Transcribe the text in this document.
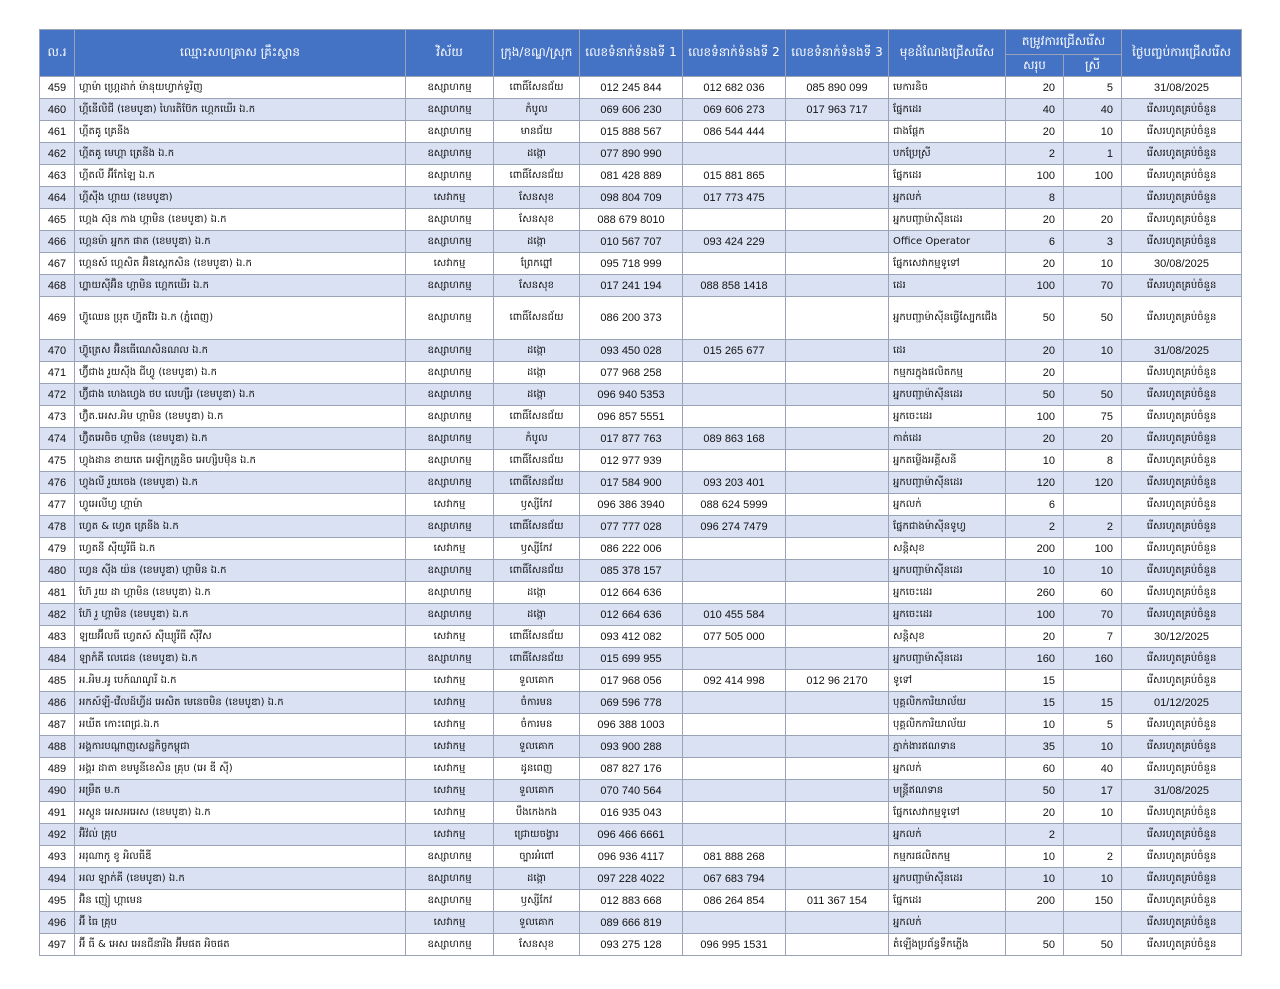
ល.រ	ឈ្មោះសហគ្រាស គ្រឹះស្ថាន	វិស័យ	ក្រុង/ខណ្ឌ/ស្រុក	លេខទំនាក់ទំនងទី 1	លេខទំនាក់ទំនងទី 2	លេខទំនាក់ទំនងទី 3	មុខដំណែងជ្រើសរើស	តម្រូវការជ្រើសរើស		ថ្ងៃបញ្ចប់ការជ្រើសរើស
								សរុប	ស្រី	
459	ហ្គាម៉ា ហ្គ្រេដាក់ ម៉ានុយហ្វាក់ទួរិញ	ឧស្សាហកម្ម	ពោធិ៍សែនជ័យ	012 245 844	012 682 036	085 890 099	មេការនិច	20	5	31/08/2025
460	ហ្គីនើលិជី (ខេមបូឌា) ហៃរតិប៊ែក ហ្គេកឃើរ ឯ.ក	ឧស្សាហកម្ម	កំបូល	069 606 230	069 606 273	017 963 717	ផ្នែកដេរ	40	40	រើសរហូតគ្រប់ចំនួន
461	ហ្គីតគូ គ្រេនីង	ឧស្សាហកម្ម	មានជ័យ	015 888 567	086 544 444		ជាងផ្ដែក	20	10	រើសរហូតគ្រប់ចំនួន
462	ហ្គីតគូ មេហ្គា ត្រេនីង ឯ.ក	ឧស្សាហកម្ម	ដង្កោ	077 890 990			បកប្រែស្រី	2	1	រើសរហូតគ្រប់ចំនួន
463	ហ្គីតលី អ៊ីកែឡៃ ឯ.ក	ឧស្សាហកម្ម	ពោធិ៍សែនជ័យ	081 428 889	015 881 865		ផ្នែកដេរ	100	100	រើសរហូតគ្រប់ចំនួន
464	ហ្គីស៊ីង ហ្គាយ (ខេមបូឌា)	សេវាកម្ម	សែនសុខ	098 804 709	017 773 475		អ្នកលក់	8		រើសរហូតគ្រប់ចំនួន
465	ហ្គេង ស៊ុន កាង ហ្គាមិន (ខេមបូឌា) ឯ.ក	ឧស្សាហកម្ម	សែនសុខ	088 679 8010			អ្នកបញ្ជាម៉ាស៊ីនដេរ	20	20	រើសរហូតគ្រប់ចំនួន
466	ហ្គេនម៉ា អ្នកក ផាត (ខេមបូឌា) ឯ.ក	ឧស្សាហកម្ម	ដង្កោ	010 567 707	093 424 229		Office Operator	6	3	រើសរហូតគ្រប់ចំនួន
467	ហ្គេនស៍ ហ្គេសិត អ៊ិនស្តេកសិន (ខេមបូឌា) ឯ.ក	សេវាកម្ម	ព្រែកព្នៅ	095 718 999			ផ្នែកសេវាកម្មទូទៅ	20	10	30/08/2025
468	ហ្គ្លាយស៊ីអ៊ិន ហ្គាមិន ហ្គេកឃើរ ឯ.ក	ឧស្សាហកម្ម	សែនសុខ	017 241 194	088 858 1418		ដេរ	100	70	រើសរហូតគ្រប់ចំនួន
469	ហ៊្វូឈេន ប្រុត ហ្វ៊ុតវ៊ែរ ឯ.ក (ភ្នំពេញ)	ឧស្សាហកម្ម	ពោធិ៍សែនជ័យ	086 200 373			អ្នកបញ្ជាម៉ាស៊ីនធ្វើស្បែកជើង	50	50	រើសរហូតគ្រប់ចំនួន
470	ហ៊្វូត្រេស អ៊ិនធើណេសិនណល ឯ.ក	ឧស្សាហកម្ម	ដង្កោ	093 450 028	015 265 677		ដេរ	20	10	31/08/2025
471	ហ្វ៊ីជាង រួយស៊ីង ជីហ្វូ (ខេមបូឌា) ឯ.ក	ឧស្សាហកម្ម	ដង្កោ	077 968 258			កម្មករក្នុងផលិតកម្ម	20		រើសរហូតគ្រប់ចំនួន
472	ហ្វ៊ីជាង ហេងហ្វេង ថប លេហ្សឺរ (ខេមបូឌា) ឯ.ក	ឧស្សាហកម្ម	ដង្កោ	096 940 5353			អ្នកបញ្ជាម៉ាស៊ីនដេរ	50	50	រើសរហូតគ្រប់ចំនួន
473	ហ្វ៊ិត.អេស.អិម ហ្គាមិន (ខេមបូឌា) ឯ.ក	ឧស្សាហកម្ម	ពោធិ៍សែនជ័យ	096 857 5551			អ្នកចេះដេរ	100	75	រើសរហូតគ្រប់ចំនួន
474	ហ្វ៊ិតអេចិច ហ្គាមិន (ខេមបូឌា) ឯ.ក	ឧស្សាហកម្ម	កំបូល	017 877 763	089 863 168		កាត់ដេរ	20	20	រើសរហូតគ្រប់ចំនួន
475	ហ្វុងដាន ខាយតេ អេឡិកត្រូនិច អេហ្សិបម៉ិន ឯ.ក	ឧស្សាហកម្ម	ពោធិ៍សែនជ័យ	012 977 939			អ្នកតម្លើងអគ្គីសនី	10	8	រើសរហូតគ្រប់ចំនួន
476	ហ្វុងលី រួយចេង (ខេមបូឌា) ឯ.ក	ឧស្សាហកម្ម	ពោធិ៍សែនជ័យ	017 584 900	093 203 401		អ្នកបញ្ជាម៉ាស៊ីនដេរ	120	120	រើសរហូតគ្រប់ចំនួន
477	ហ្វូអេលីហ្វ ហ្គាម៉ា	សេវាកម្ម	ឫស្សីកែវ	096 386 3940	088 624 5999		អ្នកលក់	6		រើសរហូតគ្រប់ចំនួន
478	ហ្វេត & ហ្វេត ត្រេនីង ឯ.ក	ឧស្សាហកម្ម	ពោធិ៍សែនជ័យ	077 777 028	096 274 7479		ផ្នែកជាងម៉ាស៊ីនទូហ្វ	2	2	រើសរហូតគ្រប់ចំនួន
479	ហ្វេតនី ស៊ីយូរីធី ឯ.ក	សេវាកម្ម	ឫស្សីកែវ	086 222 006			សន្តិសុខ	200	100	រើសរហូតគ្រប់ចំនួន
480	ហ្វេន ស៊ីង យ៉ន (ខេមបូឌា) ហ្គាមិន ឯ.ក	ឧស្សាហកម្ម	ពោធិ៍សែនជ័យ	085 378 157			អ្នកបញ្ជាម៉ាស៊ីនដេរ	10	10	រើសរហូតគ្រប់ចំនួន
481	ហ៊ែ រួយ ដា ហ្គាមិន (ខេមបូឌា) ឯ.ក	ឧស្សាហកម្ម	ដង្កោ	012 664 636			អ្នកចេះដេរ	260	60	រើសរហូតគ្រប់ចំនួន
482	ហ៊ែ រួ ហ្គាមិន (ខេមបូឌា) ឯ.ក	ឧស្សាហកម្ម	ដង្កោ	012 664 636	010 455 584		អ្នកចេះដេរ	100	70	រើសរហូតគ្រប់ចំនួន
483	ឡយអ៊ីលធី ហ្វេតស៍ ស៊ីឃ្យូរីធី ស៊ីវីស	សេវាកម្ម	ពោធិ៍សែនជ័យ	093 412 082	077 505 000		សន្តិសុខ	20	7	30/12/2025
484	ឡាកំគី លេជេន (ខេមបូឌា) ឯ.ក	ឧស្សាហកម្ម	ពោធិ៍សែនជ័យ	015 699 955			អ្នកបញ្ជាម៉ាស៊ីនដេរ	160	160	រើសរហូតគ្រប់ចំនួន
485	អ.អិម.អូ បេក៍ណណូរី ឯ.ក	សេវាកម្ម	ទួលគោក	017 968 056	092 414 998	012 96 2170	ទូទៅ	15		រើសរហូតគ្រប់ចំនួន
486	អកស៍ឡី-វើលដ៍ហ្វីដ អេសិត មេនេចមិន (ខេមបូឌា) ឯ.ក	សេវាកម្ម	ចំការមន	069 596 778			បុគ្គលិកការិយាល័យ	15	15	01/12/2025
487	អឃីត កោះពេជ្រ.ឯ.ក	សេវាកម្ម	ចំការមន	096 388 1003			បុគ្គលិកការិយាល័យ	10	5	រើសរហូតគ្រប់ចំនួន
488	អង្គការបណ្តាញសេដ្ឋកិច្ចកម្ពុជា	សេវាកម្ម	ទួលគោក	093 900 288			ភ្នាក់ងារឥណទាន	35	10	រើសរហូតគ្រប់ចំនួន
489	អង្គរ ដាតា ខមមូនីខេសិន គ្រុប (អេ ឌី ស៊ី)	សេវាកម្ម	ដូនពេញ	087 827 176			អ្នកលក់	60	40	រើសរហូតគ្រប់ចំនួន
490	អម្រឹត ម.ក	សេវាកម្ម	ទួលគោក	070 740 564			មន្ត្រីឥណទាន	50	17	31/08/2025
491	អស្តូន អេសអអេស (ខេមបូឌា) ឯ.ក	សេវាកម្ម	បឹងកេងកង	016 935 043			ផ្នែកសេវាកម្មទូទៅ	20	10	រើសរហូតគ្រប់ចំនួន
492	អ៊ិវ៉ល់ គ្រុប	សេវាកម្ម	ជ្រោយចង្វារ	096 466 6661			អ្នកលក់	2		រើសរហូតគ្រប់ចំនួន
493	អរុណាកូ ខូ អិលធីឌី	ឧស្សាហកម្ម	ច្បារអំពៅ	096 936 4117	081 888 268		កម្មករផលិតកម្ម	10	2	រើសរហូតគ្រប់ចំនួន
494	អល ឡាក់គី (ខេមបូឌា) ឯ.ក	ឧស្សាហកម្ម	ដង្កោ	097 228 4022	067 683 794		អ្នកបញ្ជាម៉ាស៊ីនដេរ	10	10	រើសរហូតគ្រប់ចំនួន
495	អ៊ិន ញៀ ហ្គាមេន	ឧស្សាហកម្ម	ឫស្សីកែវ	012 883 668	086 264 854	011 367 154	ផ្នែកដេរ	200	150	រើសរហូតគ្រប់ចំនួន
496	អ៊ី ធៃ គ្រុប	សេវាកម្ម	ទួលគោក	089 666 819			អ្នកលក់			រើសរហូតគ្រប់ចំនួន
497	អ៊ី ធី & អេស អេនជីនារីង អ៊ីមផត អិចផត	ឧស្សាហកម្ម	សែនសុខ	093 275 128	096 995 1531		តំឡើងប្រព័ន្ធទឹកភ្លើង	50	50	រើសរហូតគ្រប់ចំនួន
